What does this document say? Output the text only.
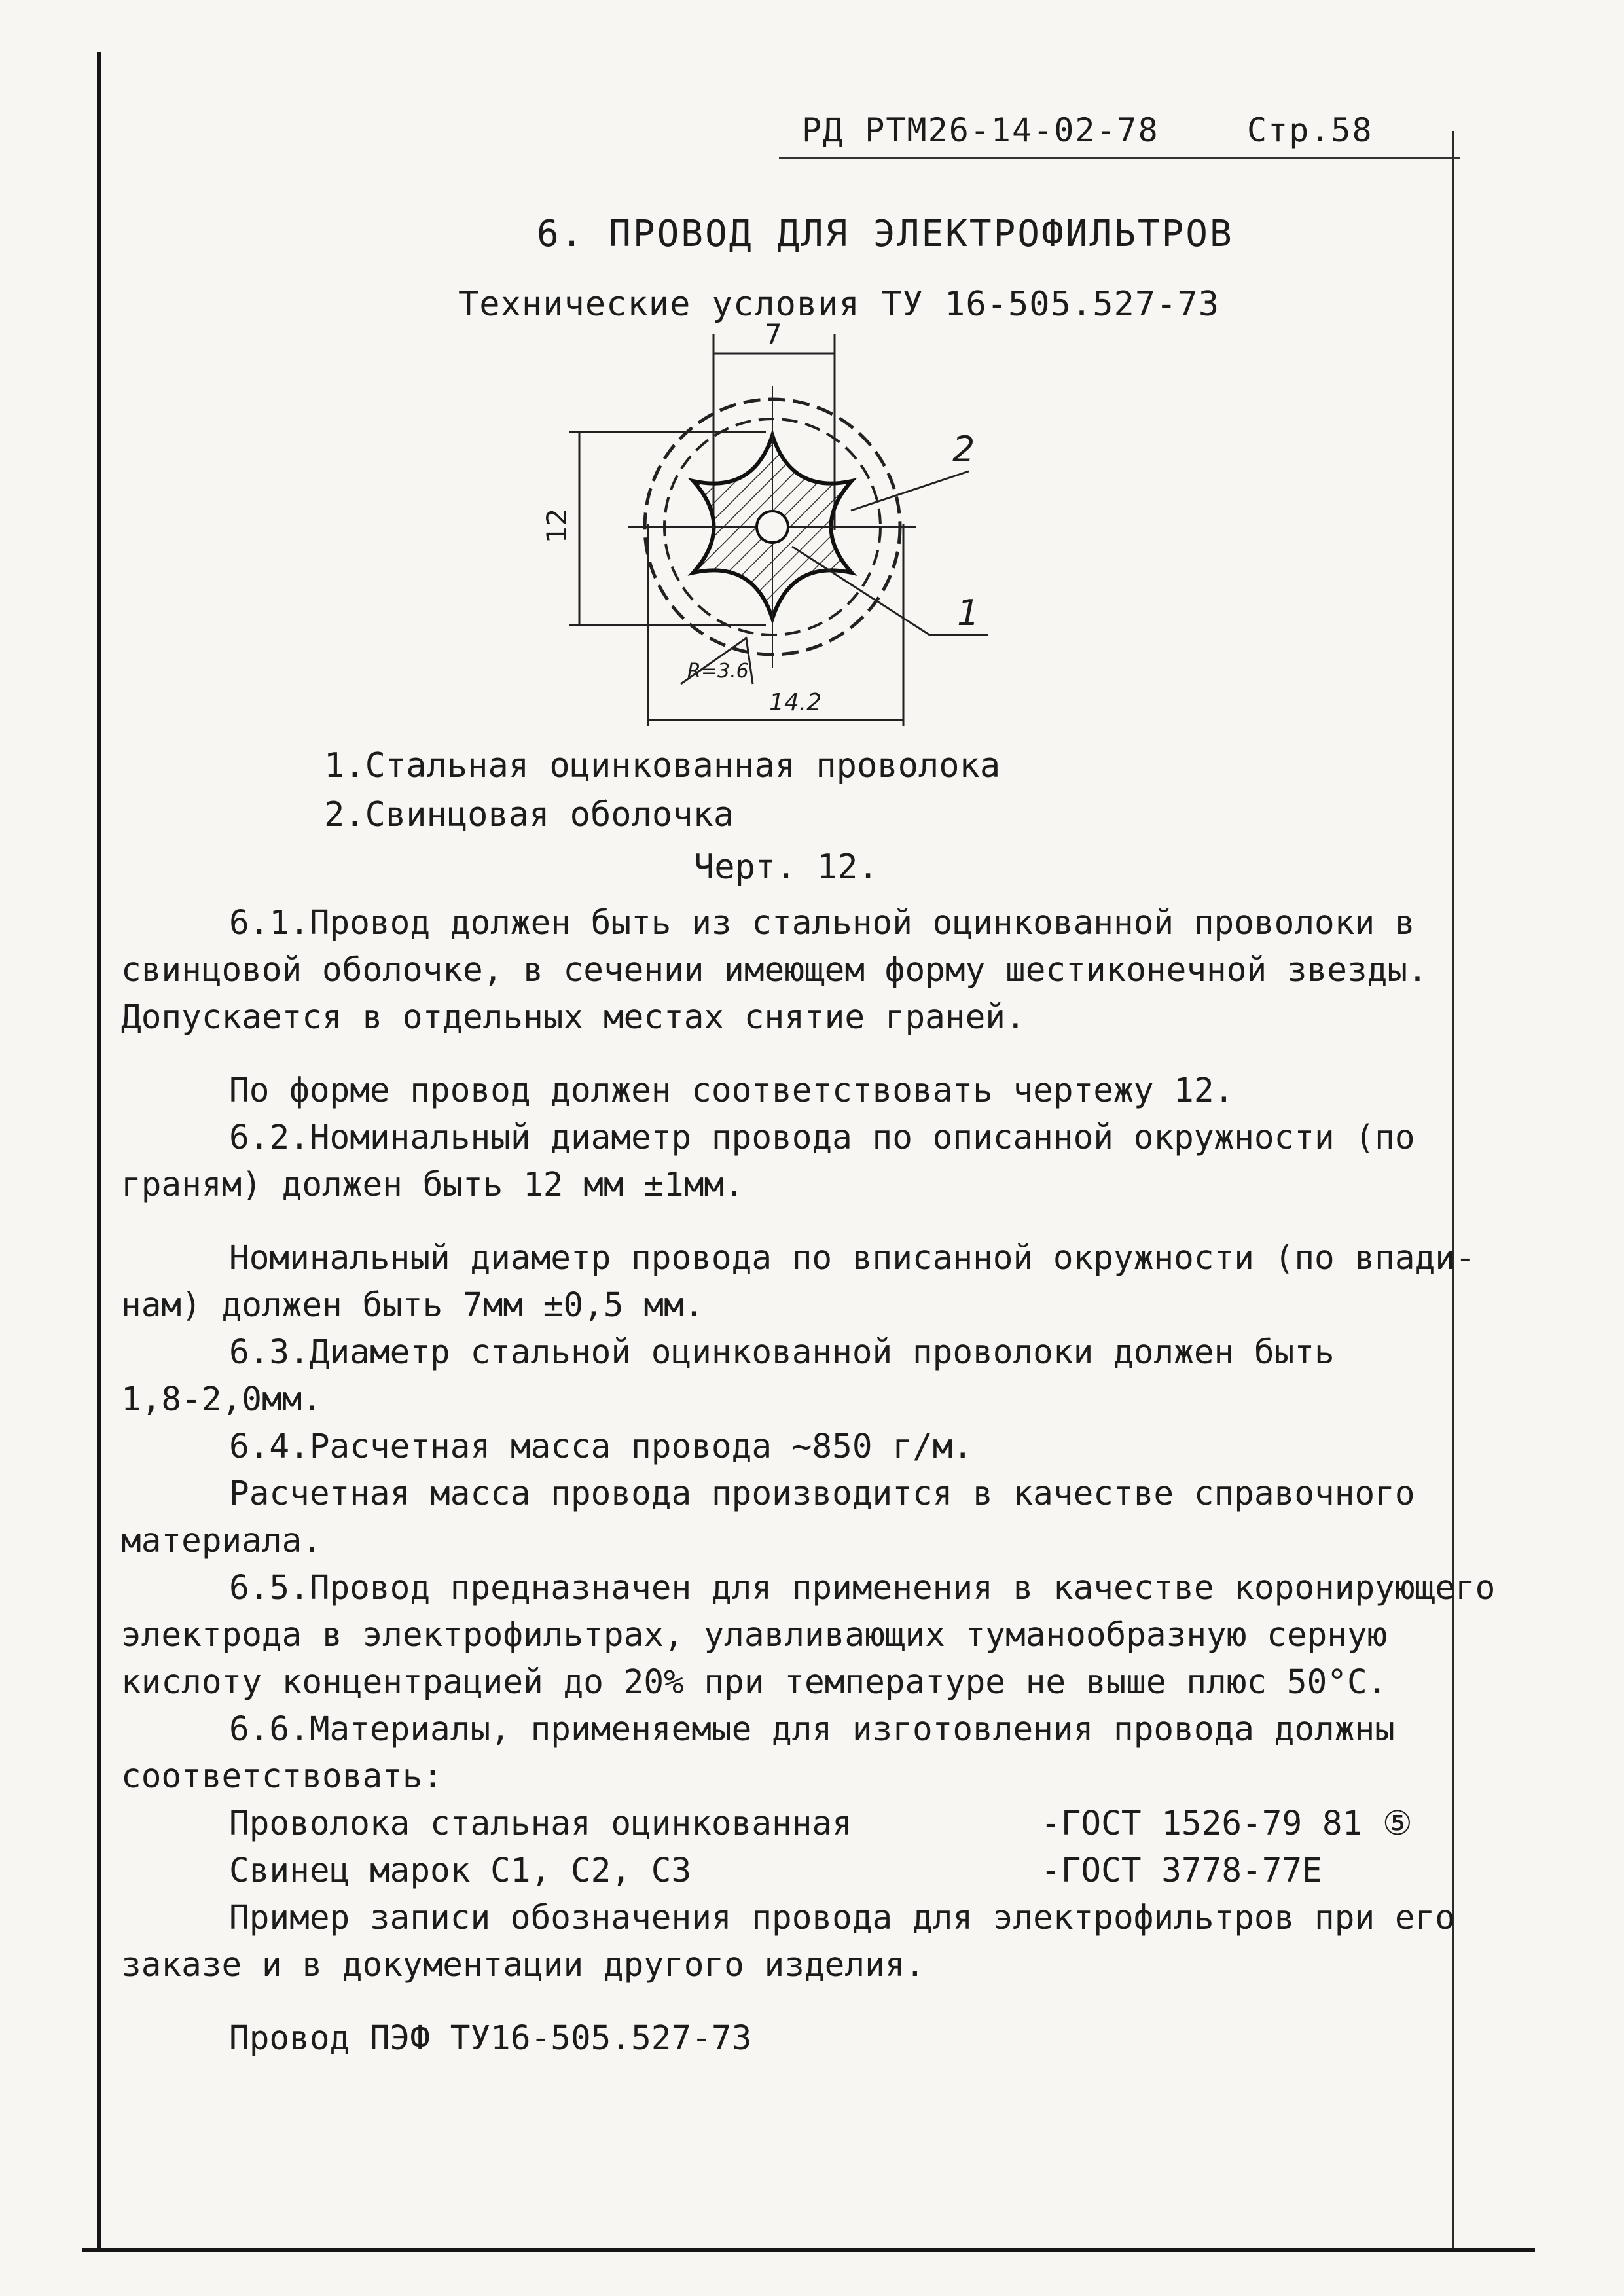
РД РТМ26-14-02-78	Стр.58
6. ПРОВОД ДЛЯ ЭЛЕКТРОФИЛЬТРОВ
Технические условия ТУ 16-505.527-73
7
12
14.2
R=3.6
2
1
1.Стальная оцинкованная проволока
2.Свинцовая оболочка
Черт. 12.

6.1.Провод должен быть из стальной оцинкованной проволоки в

свинцовой оболочке, в сечении имеющем форму шестиконечной звезды.

Допускается в отдельных местах снятие граней.

По форме провод должен соответствовать чертежу 12.

6.2.Номинальный диаметр провода по описанной окружности (по

граням) должен быть 12 мм ±1мм.

Номинальный диаметр провода по вписанной окружности (по впади-

нам) должен быть 7мм ±0,5 мм.

6.3.Диаметр стальной оцинкованной проволоки должен быть

1,8-2,0мм.

6.4.Расчетная масса провода ~850 г/м.

Расчетная масса провода производится в качестве справочного

материала.

6.5.Провод предназначен для применения в качестве коронирующего

электрода в электрофильтрах, улавливающих туманообразную серную

кислоту концентрацией до 20% при температуре не выше плюс 50°С.

6.6.Материалы, применяемые для изготовления провода должны

соответствовать:

Проволока стальная оцинкованная	-ГОСТ 1526-79 81 ⑤
Свинец марок С1, С2, С3	-ГОСТ 3778-77Е

Пример записи обозначения провода для электрофильтров при его

заказе и в документации другого изделия.

Провод ПЭФ ТУ16-505.527-73
